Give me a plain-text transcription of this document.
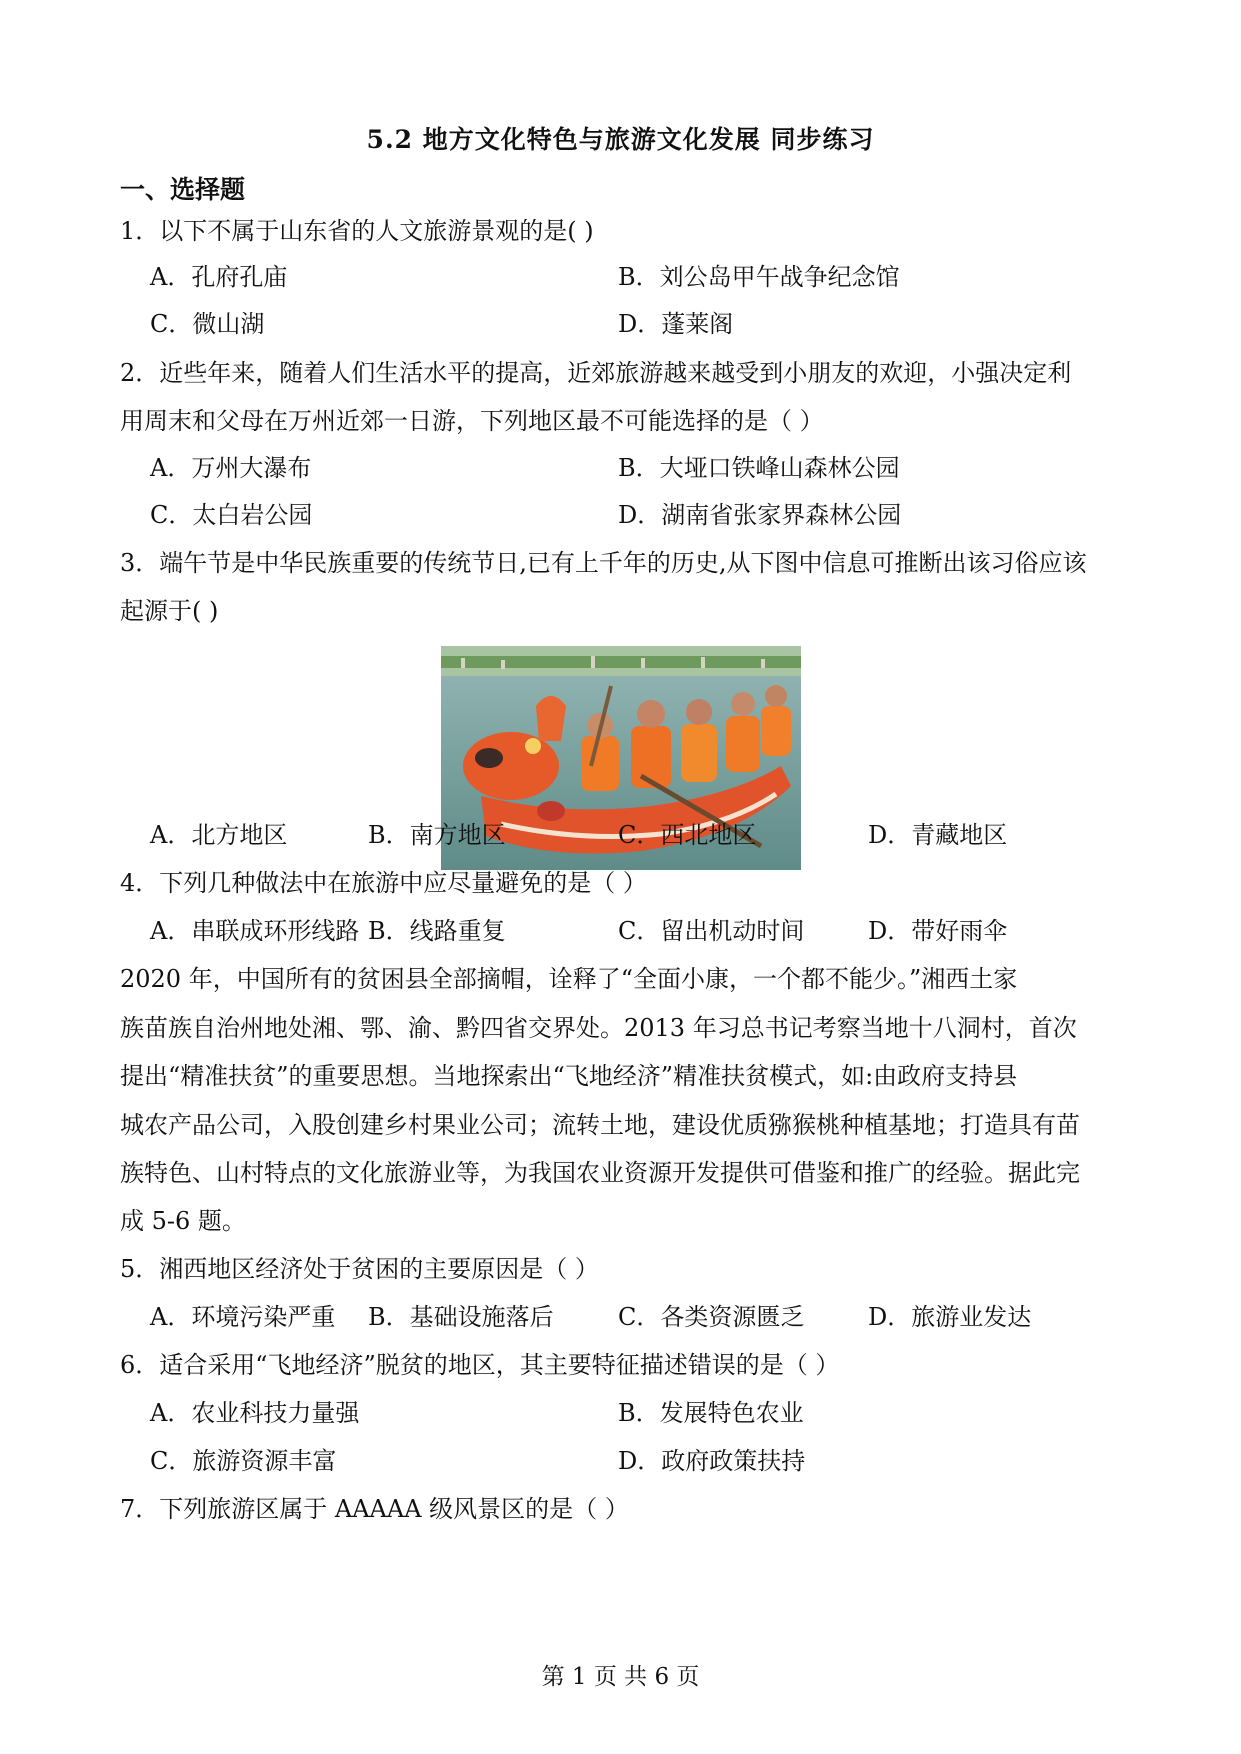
5.2 地方文化特色与旅游文化发展 同步练习
一、选择题
1．以下不属于山东省的人文旅游景观的是( )
A．孔府孔庙	B．刘公岛甲午战争纪念馆
C．微山湖	D．蓬莱阁
2．近些年来，随着人们生活水平的提高，近郊旅游越来越受到小朋友的欢迎，小强决定利
用周末和父母在万州近郊一日游，下列地区最不可能选择的是（ ）
A．万州大瀑布	B．大垭口铁峰山森林公园
C．太白岩公园	D．湖南省张家界森林公园
3．端午节是中华民族重要的传统节日,已有上千年的历史,从下图中信息可推断出该习俗应该
起源于( )
A．北方地区	B．南方地区	C．西北地区	D．青藏地区
4．下列几种做法中在旅游中应尽量避免的是（ ）
A．串联成环形线路 B．线路重复	C．留出机动时间	D．带好雨伞
2020 年，中国所有的贫困县全部摘帽，诠释了“全面小康，一个都不能少。”湘西土家
族苗族自治州地处湘、鄂、渝、黔四省交界处。2013 年习总书记考察当地十八洞村，首次
提出“精准扶贫”的重要思想。当地探索出“飞地经济”精准扶贫模式，如:由政府支持县
城农产品公司，入股创建乡村果业公司；流转土地，建设优质猕猴桃种植基地；打造具有苗
族特色、山村特点的文化旅游业等，为我国农业资源开发提供可借鉴和推广的经验。据此完
成 5-6 题。
5．湘西地区经济处于贫困的主要原因是（ ）
A．环境污染严重 B．基础设施落后	C．各类资源匮乏	D．旅游业发达
6．适合采用“飞地经济”脱贫的地区，其主要特征描述错误的是（ ）
A．农业科技力量强	B．发展特色农业
C．旅游资源丰富	D．政府政策扶持
7．下列旅游区属于 AAAAA 级风景区的是（ ）
第 1 页 共 6 页
